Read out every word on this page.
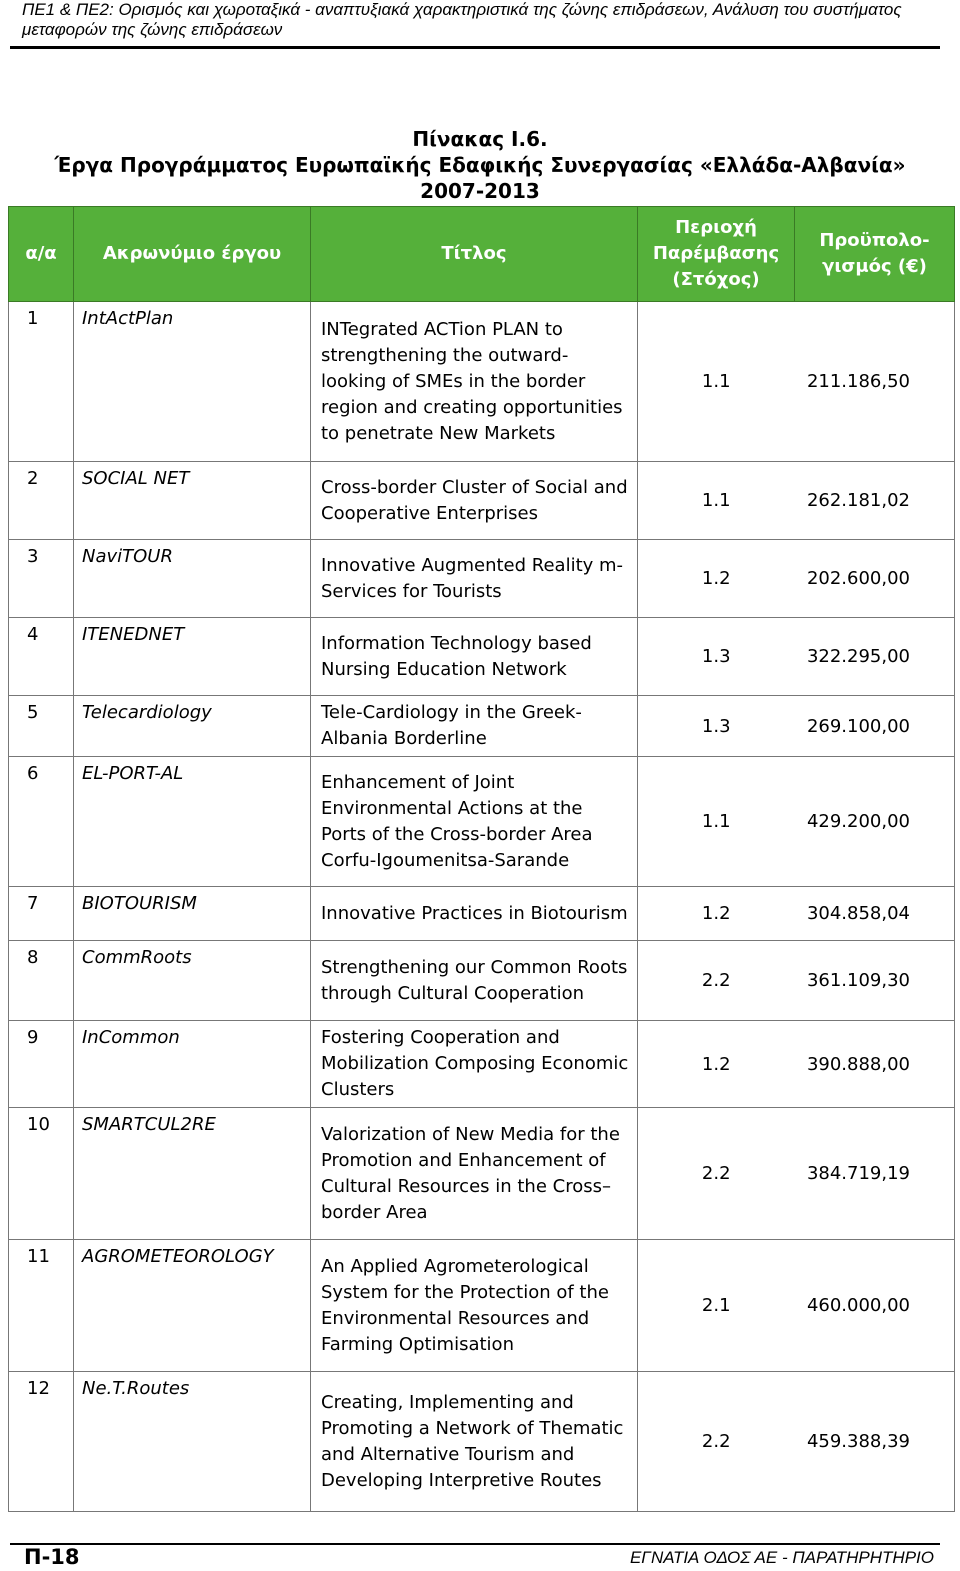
ΠΕ1 & ΠΕ2: Ορισμός και χωροταξικά - αναπτυξιακά χαρακτηριστικά της ζώνης επιδράσεων, Ανάλυση του συστήματος μεταφορών της ζώνης επιδράσεων
Πίνακας Ι.6.
Έργα Προγράμματος Ευρωπαϊκής Εδαφικής Συνεργασίας «Ελλάδα-Αλβανία»
2007-2013
α/α	Ακρωνύμιο έργου	Τίτλος	Περιοχή Παρέμβασης (Στόχος)	Προϋπολο-γισμός (€)
1	IntActPlan	INTegrated ACTion PLAN to strengthening the outward-looking of SMEs in the border region and creating opportunities to penetrate New Markets	1.1	211.186,50
2	SOCIAL NET	Cross-border Cluster of Social and Cooperative Enterprises	1.1	262.181,02
3	NaviTOUR	Innovative Augmented Reality m-Services for Tourists	1.2	202.600,00
4	ITENEDNET	Information Technology based Nursing Education Network	1.3	322.295,00
5	Telecardiology	Tele-Cardiology in the Greek-Albania Borderline	1.3	269.100,00
6	EL-PORT-AL	Enhancement of Joint Environmental Actions at the Ports of the Cross-border Area Corfu-Igoumenitsa-Sarande	1.1	429.200,00
7	BIOTOURISM	Innovative Practices in Biotourism	1.2	304.858,04
8	CommRoots	Strengthening our Common Roots through Cultural Cooperation	2.2	361.109,30
9	InCommon	Fostering Cooperation and Mobilization Composing Economic Clusters	1.2	390.888,00
10	SMARTCUL2RE	Valorization of New Media for the Promotion and Enhancement of Cultural Resources in the Cross–border Area	2.2	384.719,19
11	AGROMETEOROLOGY	An Applied Agrometerological System for the Protection of the Environmental Resources and Farming Optimisation	2.1	460.000,00
12	Ne.T.Routes	Creating, Implementing and Promoting a Network of Thematic and Alternative Tourism and Developing Interpretive Routes	2.2	459.388,39
Π-18	ΕΓΝΑΤΙΑ ΟΔΟΣ ΑΕ - ΠΑΡΑΤΗΡΗΤΗΡΙΟ
